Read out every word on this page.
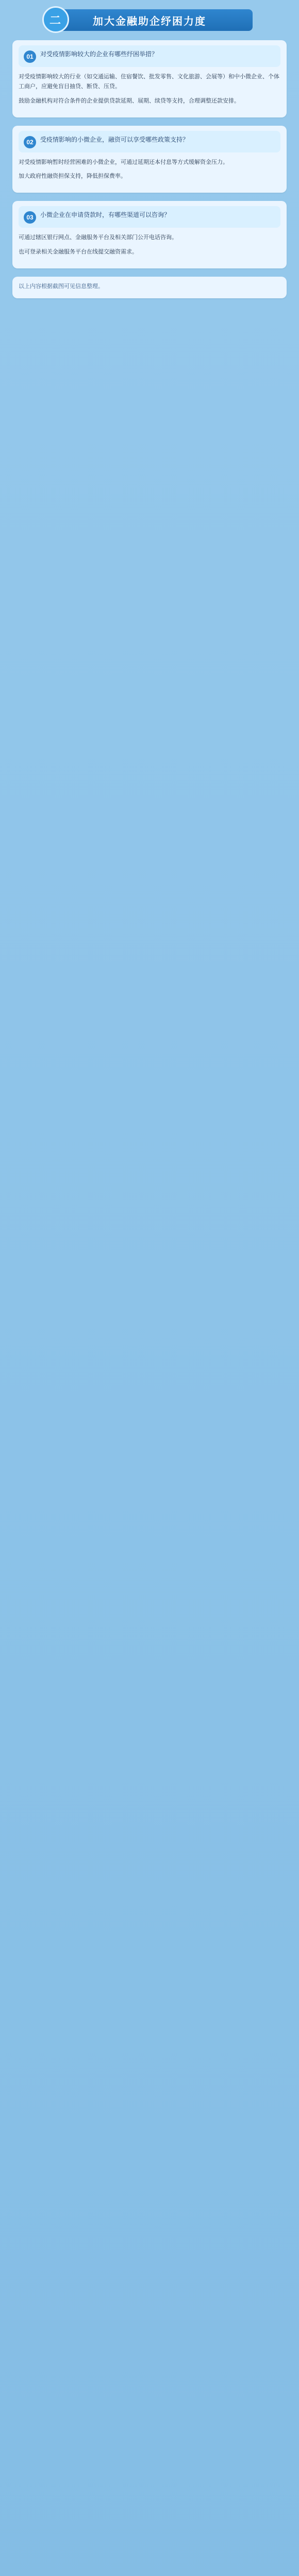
二	加大金融助企纾困力度
01	对受疫情影响较大的企业有哪些纾困举措？

对受疫情影响较大的行业（如交通运输、住宿餐饮、批发零售、文化旅游、会展等）和中小微企业、个体工商户，应避免盲目抽贷、断贷、压贷。

鼓励金融机构对符合条件的企业提供贷款延期、展期、续贷等支持，合理调整还款安排。

02	受疫情影响的小微企业，融资可以享受哪些政策支持？

对受疫情影响暂时经营困难的小微企业，可通过延期还本付息等方式缓解资金压力。

加大政府性融资担保支持，降低担保费率。

03	小微企业在申请贷款时，有哪些渠道可以咨询？

可通过辖区银行网点、金融服务平台及相关部门公开电话咨询。

也可登录相关金融服务平台在线提交融资需求。

以上内容根据截图可见信息整理。
